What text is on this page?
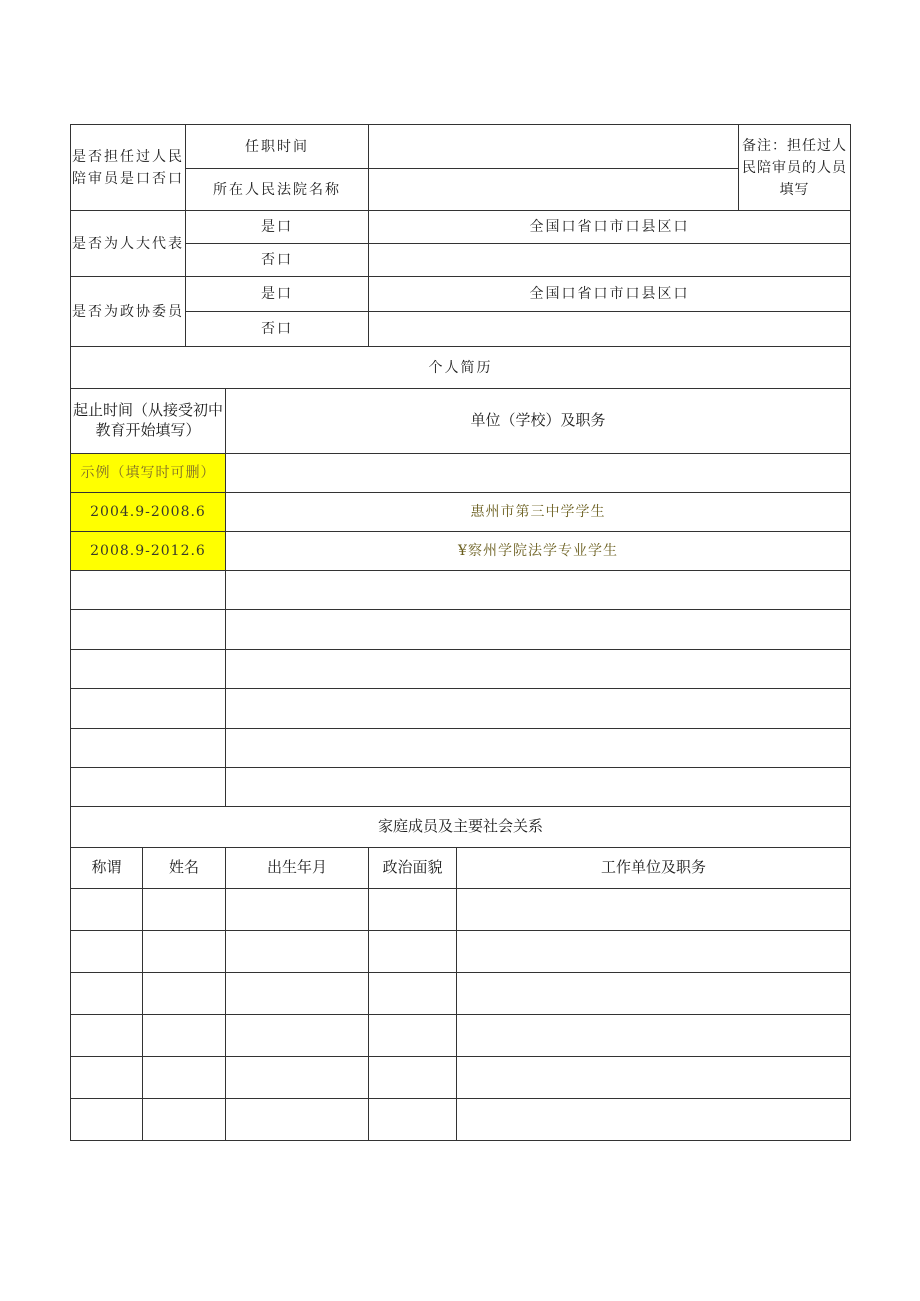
是否担任过人民陪审员是口否口		任职时间				备注：担任过人民陪审员的人员填写
		所在人民法院名称				
是否为人大代表		是口		全国口省口市口县区口		
		否口				
是否为政协委员		是口		全国口省口市口县区口		
		否口				
个人简历						
起止时间（从接受初中教育开始填写）			单位（学校）及职务			
示例（填写时可删）						
2004.9-2008.6			惠州市第三中学学生			
2008.9-2012.6			¥察州学院法学专业学生			

家庭成员及主要社会关系						
称谓	姓名		出生年月	政治面貌	工作单位及职务	
